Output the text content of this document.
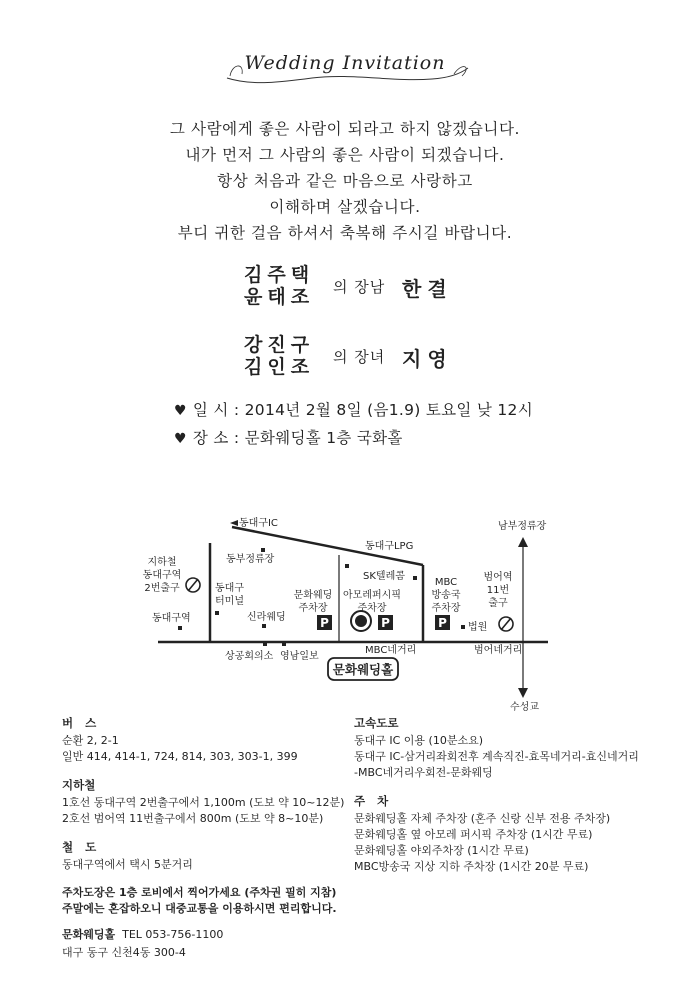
Wedding Invitation
그 사람에게 좋은 사람이 되라고 하지 않겠습니다.
내가 먼저 그 사람의 좋은 사람이 되겠습니다.
항상 처음과 같은 마음으로 사랑하고
이해하며 살겠습니다.
부디 귀한 걸음 하셔서 축복해 주시길 바랍니다.
김주택
윤태조 의 장남 한결
강진구
김인조 의 장녀 지영
♥ 일 시 : 2014년 2월 8일 (음1.9) 토요일 낮 12시
♥ 장 소 : 문화웨딩홀 1층 국화홀
P	P	P
문화웨딩홀
동대구IC
동부정류장
지하철
동대구역
2번출구
동대구역
동대구
터미널
신라웨딩
상공회의소 영남일보
문화웨딩
주차장
동대구LPG
SK텔레콤
아모레퍼시픽
주차장
MBC
방송국
주차장
법원
MBC네거리
범어역
11번
출구
범어네거리
남부정류장
수성교
버 스
순환 2, 2-1
일반 414, 414-1, 724, 814, 303, 303-1, 399
지하철
1호선 동대구역 2번출구에서 1,100m (도보 약 10~12분)
2호선 범어역 11번출구에서 800m (도보 약 8~10분)
철 도
동대구역에서 택시 5분거리
주차도장은 1층 로비에서 찍어가세요 (주차권 필히 지참)
주말에는 혼잡하오니 대중교통을 이용하시면 편리합니다.
문화웨딩홀 TEL 053-756-1100
대구 동구 신천4동 300-4
고속도로
동대구 IC 이용 (10분소요)
동대구 IC-삼거리좌회전후 계속직진-효목네거리-효신네거리
-MBC네거리우회전-문화웨딩
주 차
문화웨딩홀 자체 주차장 (혼주 신랑 신부 전용 주차장)
문화웨딩홀 옆 아모레 퍼시픽 주차장 (1시간 무료)
문화웨딩홀 야외주차장 (1시간 무료)
MBC방송국 지상 지하 주차장 (1시간 20분 무료)
